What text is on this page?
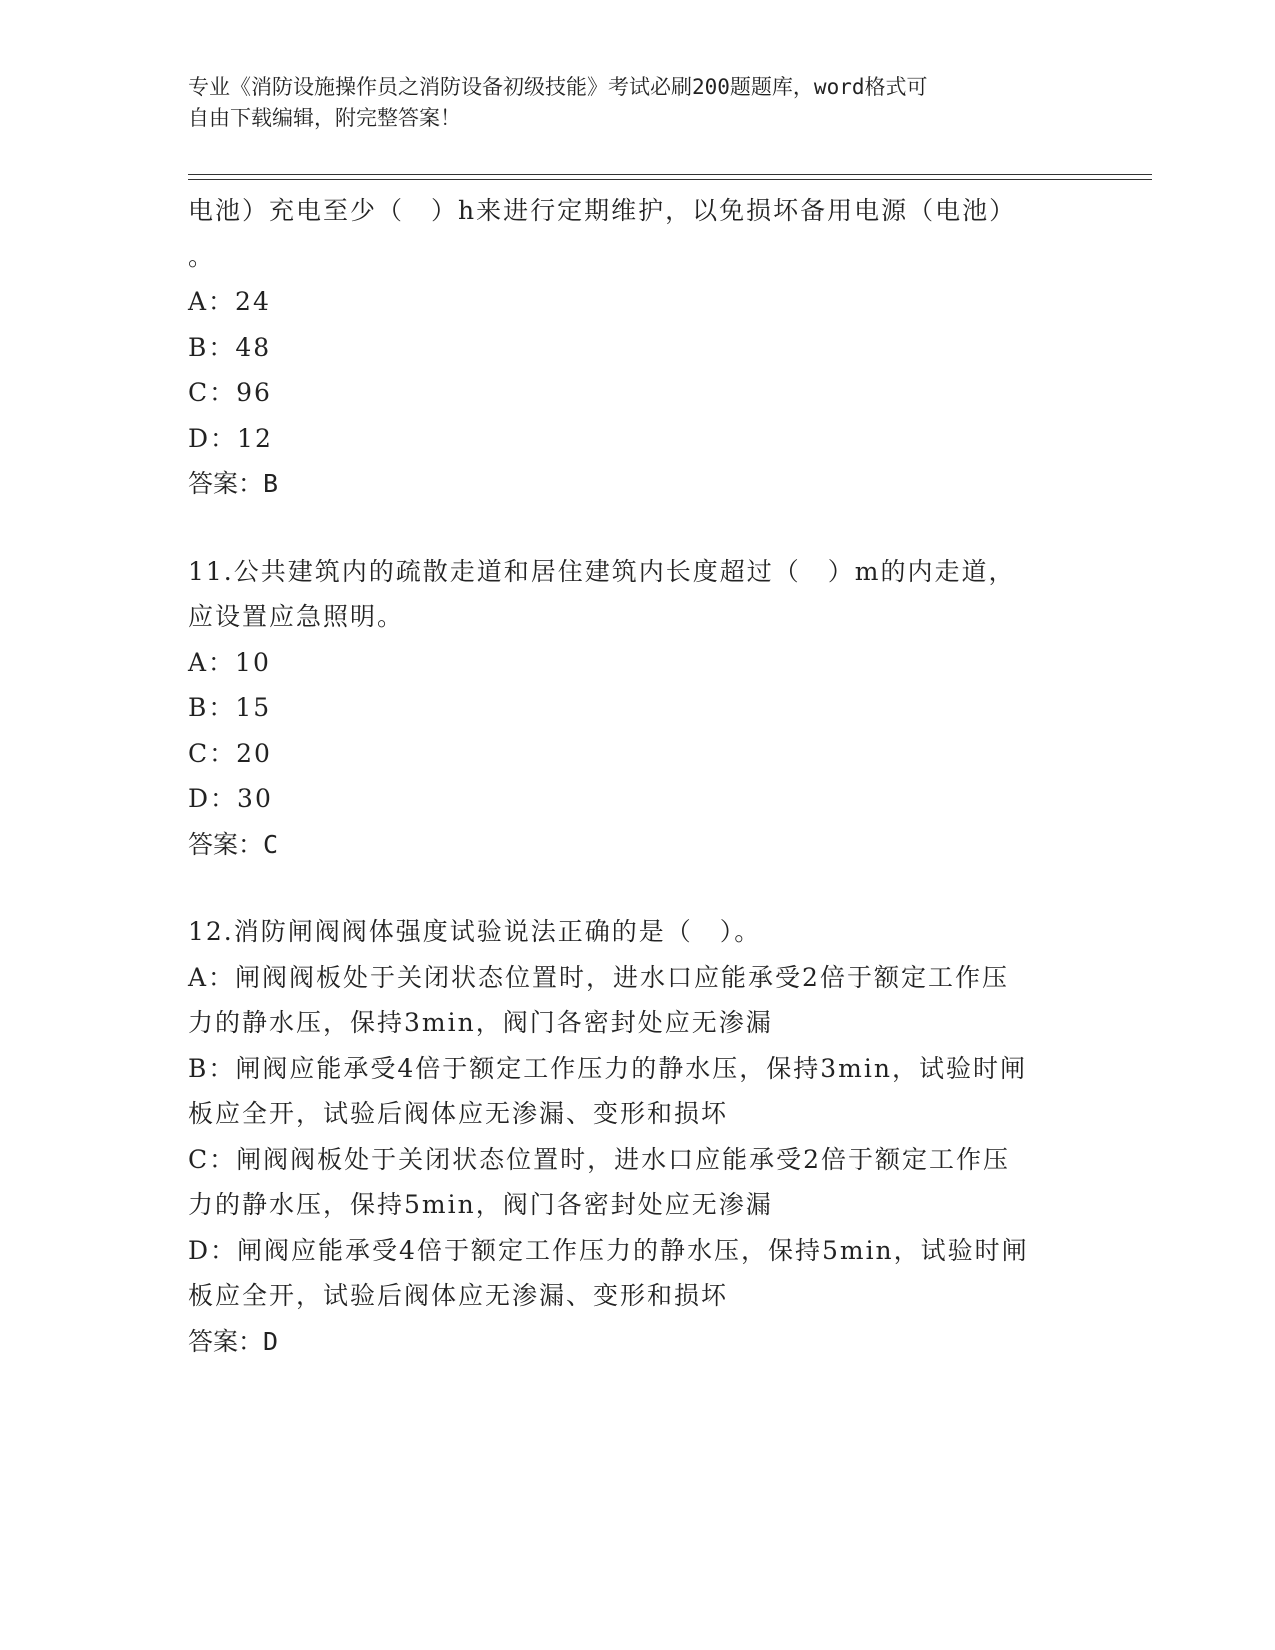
专业《消防设施操作员之消防设备初级技能》考试必刷200题题库，word格式可
自由下载编辑，附完整答案！
电池）充电至少（　）h来进行定期维护，以免损坏备用电源（电池）
。
A：24
B：48
C：96
D：12
答案：B
11.公共建筑内的疏散走道和居住建筑内长度超过（　）m的内走道，
应设置应急照明。
A：10
B：15
C：20
D：30
答案：C
12.消防闸阀阀体强度试验说法正确的是（　）。
A：闸阀阀板处于关闭状态位置时，进水口应能承受2倍于额定工作压
力的静水压，保持3min，阀门各密封处应无渗漏
B：闸阀应能承受4倍于额定工作压力的静水压，保持3min，试验时闸
板应全开，试验后阀体应无渗漏、变形和损坏
C：闸阀阀板处于关闭状态位置时，进水口应能承受2倍于额定工作压
力的静水压，保持5min，阀门各密封处应无渗漏
D：闸阀应能承受4倍于额定工作压力的静水压，保持5min，试验时闸
板应全开，试验后阀体应无渗漏、变形和损坏
答案：D
